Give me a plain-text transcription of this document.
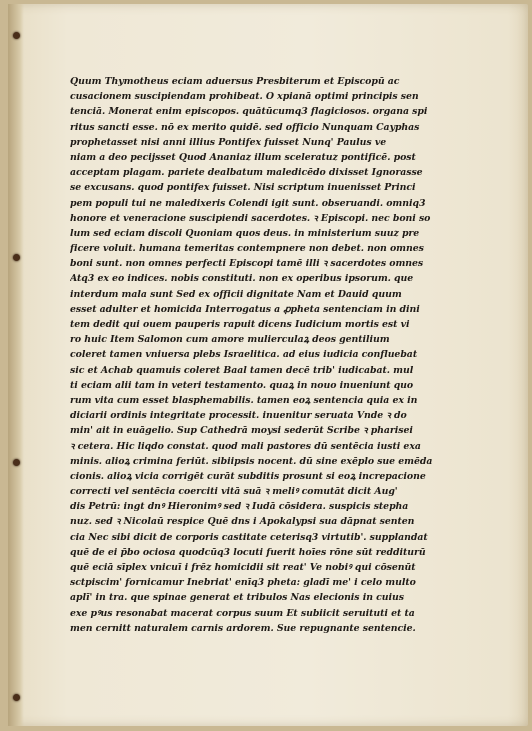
Quum Thymotheus eciam aduersus Presbiterum et Episcopū ac
cusacionem suscipiendam prohibeat. O xpianā optimi principis sen
tenciā. Monerat enim episcopos. quātūcumq3 flagiciosos. organa spi
ritus sancti esse. nō ex merito quidē. sed officio Nunquam Cayphas
prophetasset nisi anni illius Pontifex fuisset Nunq' Paulus ve
niam a deo pecijsset Quod Ananiaz illum sceleratuz pontificē. post
acceptam plagam. pariete dealbatum maledicēdo dixisset Ignorasse
se excusans. quod pontifex fuisset. Nisi scriptum inuenisset Princi
pem populi tui ne maledixeris Colendi igit sunt. obseruandi. omniq3
honore et veneracione suscipiendi sacerdotes. ꝛ Episcopi. nec boni so
lum sed eciam discoli Quoniam quos deus. in ministerium suuz pre
ficere voluit. humana temeritas contempnere non debet. non omnes
boni sunt. non omnes perfecti Episcopi tamē illi ꝛ sacerdotes omnes
Atq3 ex eo indices. nobis constituti. non ex operibus ipsorum. que
interdum mala sunt Sed ex officii dignitate Nam et Dauid quum
esset adulter et homicida Interrogatus a ꝓpheta sentenciam in dini
tem dedit qui ouem pauperis rapuit dicens Iudicium mortis est vi
ro huic Item Salomon cum amore mulierculaꝝ deos gentilium
coleret tamen vniuersa plebs Israelitica. ad eius iudicia confluebat
sic et Achab quamuis coleret Baal tamen decē trib' iudicabat. mul
ti eciam alii tam in veteri testamento. quaꝝ in nouo inueniunt quo
rum vita cum esset blasphemabilis. tamen eoꝝ sentencia quia ex in
diciarii ordinis integritate processit. inuenitur seruata Vnde ꝛ do
min' ait in euāgelio. Sup Cathedrā moysi sederūt Scribe ꝛ pharisei
ꝛ cetera. Hic liqdo constat. quod mali pastores dū sentēcia iusti exa
minis. alioꝝ crimina feriūt. sibiipsis nocent. dū sine exēplo sue emēda
cionis. alioꝝ vicia corrigēt curāt subditis prosunt si eoꝝ increpacione
correcti vel sentēcia coerciti vitā suā ꝛ meliꝰ comutāt dicit Aug'
dis Petrū: ingt dnꝰ Hieronimꝰ sed ꝛ Iudā cōsidera. suspicis stepha
nuz. sed ꝛ Nicolaū respice Quē dns i Apokalypsi sua dāpnat senten
cia Nec sibi dicit de corporis castitate ceterisq3 virtutib'. supplandat
quē de ei p̄bo ociosa quodcūq3 locuti fuerit hoīes rōne sūt redditurū
quē eciā sīplex vnicuī i frēz homicidii sit reat' Ve nobiꝰ qui cōsenūt
sctpiscim' fornicamur Inebriat' enīq3 pheta: gladī me' i celo multo
aplī' in tra. que spinae generat et tribulos Nas elecionis in cuius
exe pꝰus resonabat macerat corpus suum Et subiicit seruituti et ta
men cernitt naturalem carnis ardorem. Sue repugnante sentencie.
